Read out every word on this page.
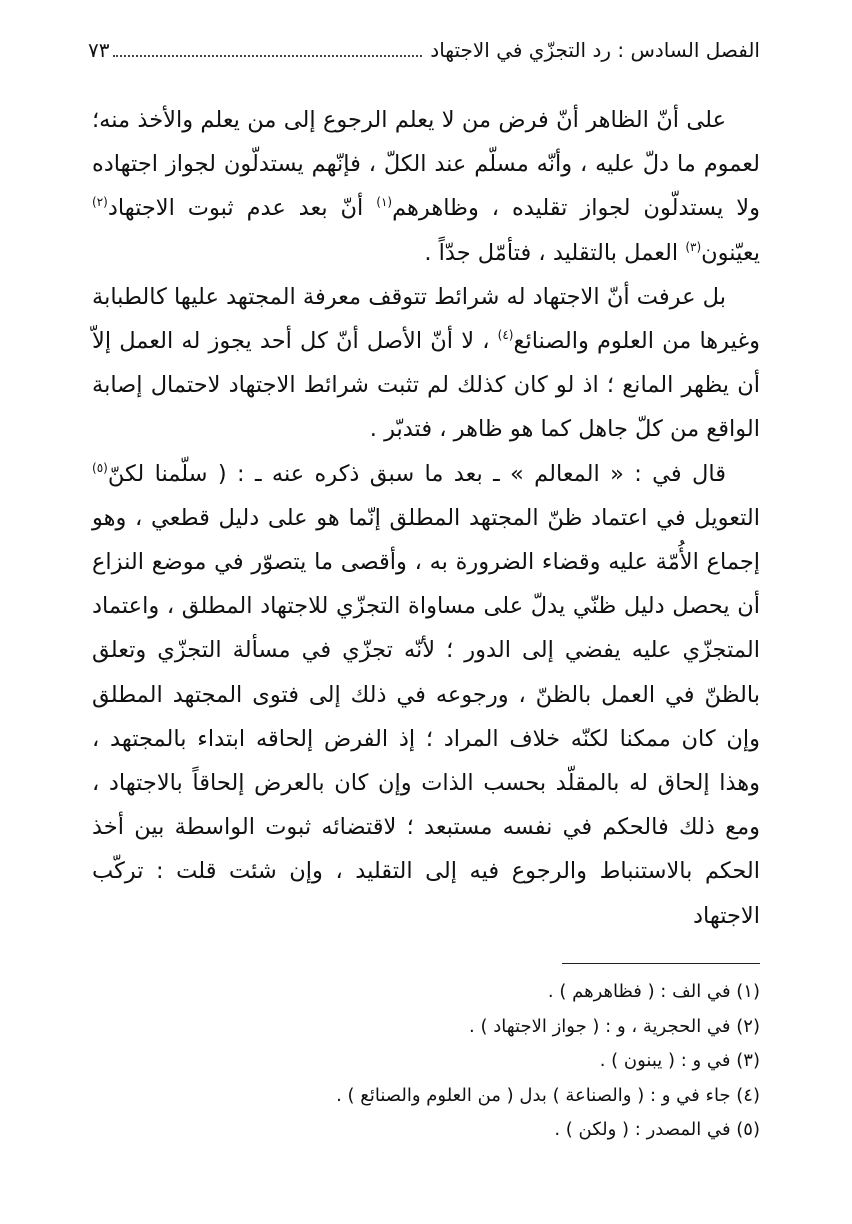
الفصل السادس : رد التجزّي في الاجتهاد
٧٣

على أنّ الظاهر أنّ فرض من لا يعلم الرجوع إلى من يعلم والأخذ منه؛ لعموم ما دلّ عليه ، وأنّه مسلّم عند الكلّ ، فإنّهم يستدلّون لجواز اجتهاده ولا يستدلّون لجواز تقليده ، وظاهرهم$^{(١)}$ أنّ بعد عدم ثبوت الاجتهاد$^{(٢)}$ يعيّنون$^{(٣)}$ العمل بالتقليد ، فتأمّل جدّاً .

بل عرفت أنّ الاجتهاد له شرائط تتوقف معرفة المجتهد عليها كالطبابة وغيرها من العلوم والصنائع$^{(٤)}$ ، لا أنّ الأصل أنّ كل أحد يجوز له العمل إلاّ أن يظهر المانع ؛ اذ لو كان كذلك لم تثبت شرائط الاجتهاد لاحتمال إصابة الواقع من كلّ جاهل كما هو ظاهر ، فتدبّر .

قال في : « المعالم » ـ بعد ما سبق ذكره عنه ـ : ( سلّمنا لكنّ$^{(٥)}$ التعويل في اعتماد ظنّ المجتهد المطلق إنّما هو على دليل قطعي ، وهو إجماع الأُمّة عليه وقضاء الضرورة به ، وأقصى ما يتصوّر في موضع النزاع أن يحصل دليل ظنّي يدلّ على مساواة التجزّي للاجتهاد المطلق ، واعتماد المتجزّي عليه يفضي إلى الدور ؛ لأنّه تجزّي في مسألة التجزّي وتعلق بالظنّ في العمل بالظنّ ، ورجوعه في ذلك إلى فتوى المجتهد المطلق وإن كان ممكنا لكنّه خلاف المراد ؛ إذ الفرض إلحاقه ابتداء بالمجتهد ، وهذا إلحاق له بالمقلّد بحسب الذات وإن كان بالعرض إلحاقاً بالاجتهاد ، ومع ذلك فالحكم في نفسه مستبعد ؛ لاقتضائه ثبوت الواسطة بين أخذ الحكم بالاستنباط والرجوع فيه إلى التقليد ، وإن شئت قلت : تركّب الاجتهاد

(١) في الف : ( فظاهرهم ) .

(٢) في الحجرية ، و : ( جواز الاجتهاد ) .

(٣) في و : ( يبنون ) .

(٤) جاء في و : ( والصناعة ) بدل ( من العلوم والصنائع ) .

(٥) في المصدر : ( ولكن ) .
